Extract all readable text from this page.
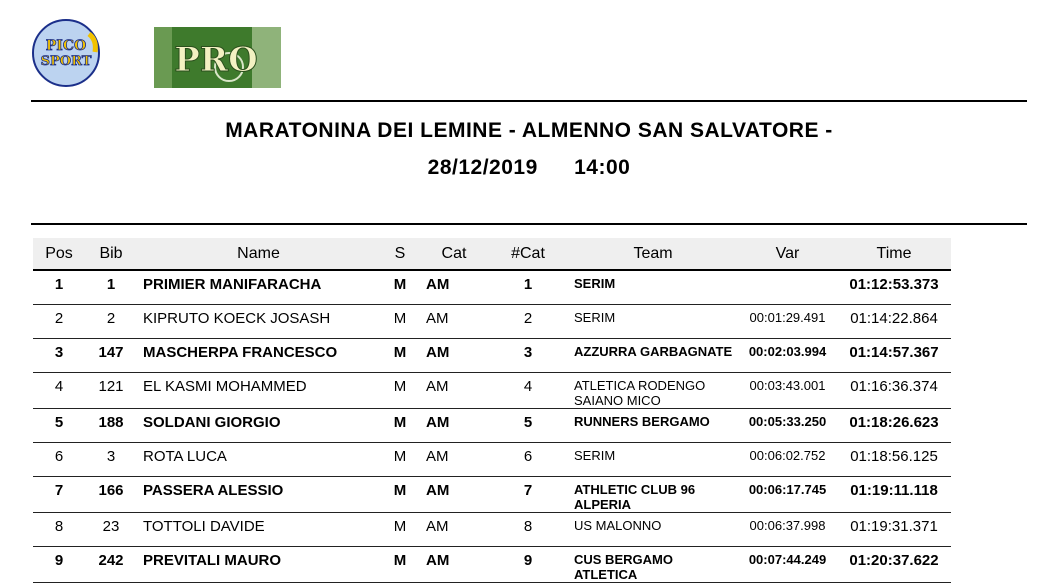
PICO
SPORT PRO
MARATONINA DEI LEMINE - ALMENNO SAN SALVATORE -
28/12/2019 14:00
Pos	Bib	Name	S	Cat	#Cat	Team	Var	Time
1	1	PRIMIER MANIFARACHA	M	AM	1	SERIM		01:12:53.373
2	2	KIPRUTO KOECK JOSASH	M	AM	2	SERIM	00:01:29.491	01:14:22.864
3	147	MASCHERPA FRANCESCO	M	AM	3	AZZURRA GARBAGNATE	00:02:03.994	01:14:57.367
4	121	EL KASMI MOHAMMED	M	AM	4	ATLETICA RODENGO SAIANO MICO	00:03:43.001	01:16:36.374
5	188	SOLDANI GIORGIO	M	AM	5	RUNNERS BERGAMO	00:05:33.250	01:18:26.623
6	3	ROTA LUCA	M	AM	6	SERIM	00:06:02.752	01:18:56.125
7	166	PASSERA ALESSIO	M	AM	7	ATHLETIC CLUB 96 ALPERIA	00:06:17.745	01:19:11.118
8	23	TOTTOLI DAVIDE	M	AM	8	US MALONNO	00:06:37.998	01:19:31.371
9	242	PREVITALI MAURO	M	AM	9	CUS BERGAMO ATLETICA	00:07:44.249	01:20:37.622
